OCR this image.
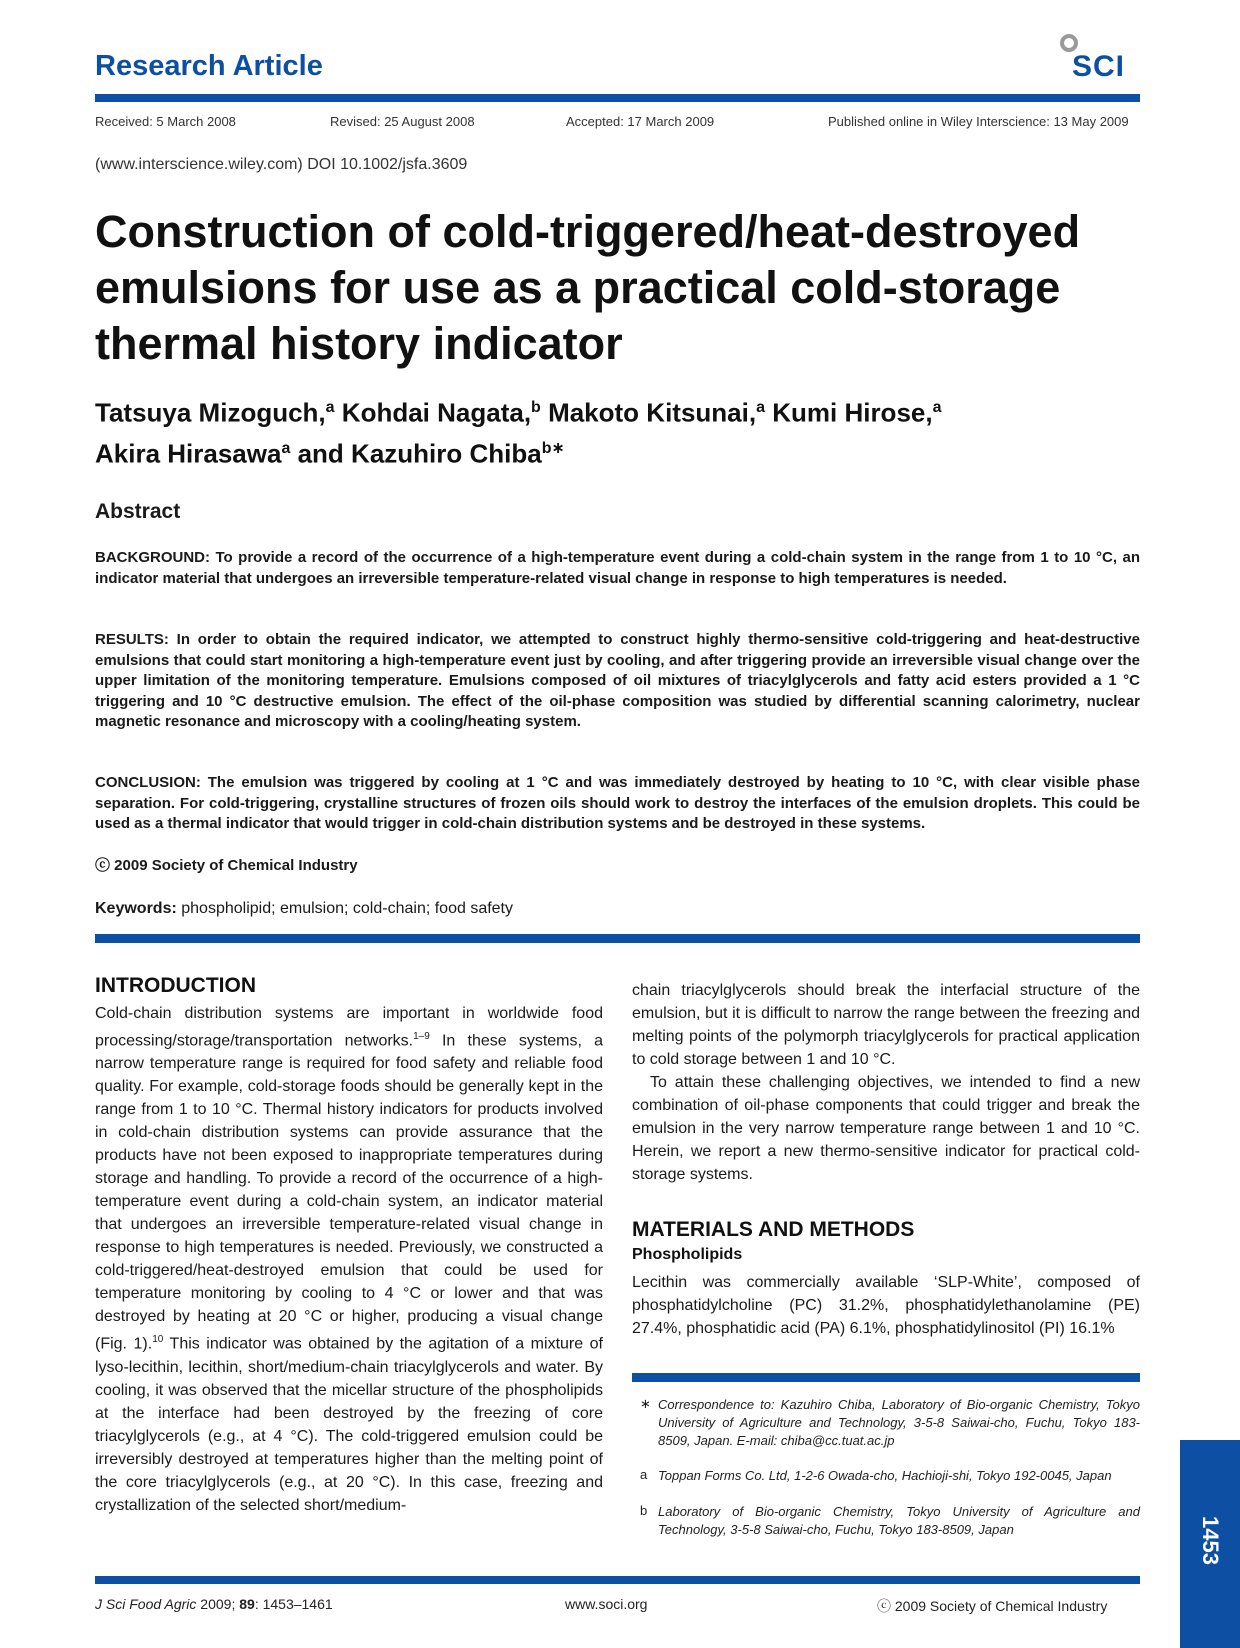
Research Article	SCI
Received: 5 March 2008	Revised: 25 August 2008	Accepted: 17 March 2009	Published online in Wiley Interscience: 13 May 2009
(www.interscience.wiley.com) DOI 10.1002/jsfa.3609
Construction of cold-triggered/heat-destroyed emulsions for use as a practical cold-storage thermal history indicator
Tatsuya Mizoguch,$^a$ Kohdai Nagata,$^b$ Makoto Kitsunai,$^a$ Kumi Hirose,$^a$
Akira Hirasawa$^a$ and Kazuhiro Chiba$^{b∗}$
Abstract
BACKGROUND: To provide a record of the occurrence of a high-temperature event during a cold-chain system in the range from 1 to 10 °C, an indicator material that undergoes an irreversible temperature-related visual change in response to high temperatures is needed.
RESULTS: In order to obtain the required indicator, we attempted to construct highly thermo-sensitive cold-triggering and heat-destructive emulsions that could start monitoring a high-temperature event just by cooling, and after triggering provide an irreversible visual change over the upper limitation of the monitoring temperature. Emulsions composed of oil mixtures of triacylglycerols and fatty acid esters provided a 1 °C triggering and 10 °C destructive emulsion. The effect of the oil-phase composition was studied by differential scanning calorimetry, nuclear magnetic resonance and microscopy with a cooling/heating system.
CONCLUSION: The emulsion was triggered by cooling at 1 °C and was immediately destroyed by heating to 10 °C, with clear visible phase separation. For cold-triggering, crystalline structures of frozen oils should work to destroy the interfaces of the emulsion droplets. This could be used as a thermal indicator that would trigger in cold-chain distribution systems and be destroyed in these systems.
ⓒ 2009 Society of Chemical Industry
Keywords: phospholipid; emulsion; cold-chain; food safety
INTRODUCTION

Cold-chain distribution systems are important in worldwide food processing/storage/transportation networks.$^{1-9}$ In these systems, a narrow temperature range is required for food safety and reliable food quality. For example, cold-storage foods should be generally kept in the range from 1 to 10 °C. Thermal history indicators for products involved in cold-chain distribution systems can provide assurance that the products have not been exposed to inappropriate temperatures during storage and handling. To provide a record of the occurrence of a high-temperature event during a cold-chain system, an indicator material that undergoes an irreversible temperature-related visual change in response to high temperatures is needed. Previously, we constructed a cold-triggered/heat-destroyed emulsion that could be used for temperature monitoring by cooling to 4 °C or lower and that was destroyed by heating at 20 °C or higher, producing a visual change (Fig. 1).$^{10}$ This indicator was obtained by the agitation of a mixture of lyso-lecithin, lecithin, short/medium-chain triacylglycerols and water. By cooling, it was observed that the micellar structure of the phospholipids at the interface had been destroyed by the freezing of core triacylglycerols (e.g., at 4 °C). The cold-triggered emulsion could be irreversibly destroyed at temperatures higher than the melting point of the core triacylglycerols (e.g., at 20 °C). In this case, freezing and crystallization of the selected short/medium-

chain triacylglycerols should break the interfacial structure of the emulsion, but it is difficult to narrow the range between the freezing and melting points of the polymorph triacylglycerols for practical application to cold storage between 1 and 10 °C.

To attain these challenging objectives, we intended to find a new combination of oil-phase components that could trigger and break the emulsion in the very narrow temperature range between 1 and 10 °C. Herein, we report a new thermo-sensitive indicator for practical cold-storage systems.

MATERIALS AND METHODS
Phospholipids
Lecithin was commercially available ‘SLP-White’, composed of phosphatidylcholine (PC) 31.2%, phosphatidylethanolamine (PE) 27.4%, phosphatidic acid (PA) 6.1%, phosphatidylinositol (PI) 16.1%
∗ Correspondence to: Kazuhiro Chiba, Laboratory of Bio-organic Chemistry, Tokyo University of Agriculture and Technology, 3-5-8 Saiwai-cho, Fuchu, Tokyo 183-8509, Japan. E-mail: chiba@cc.tuat.ac.jp
a Toppan Forms Co. Ltd, 1-2-6 Owada-cho, Hachioji-shi, Tokyo 192-0045, Japan
b Laboratory of Bio-organic Chemistry, Tokyo University of Agriculture and Technology, 3-5-8 Saiwai-cho, Fuchu, Tokyo 183-8509, Japan	1453
J Sci Food Agric 2009; 89: 1453–1461	www.soci.org	ⓒ 2009 Society of Chemical Industry
